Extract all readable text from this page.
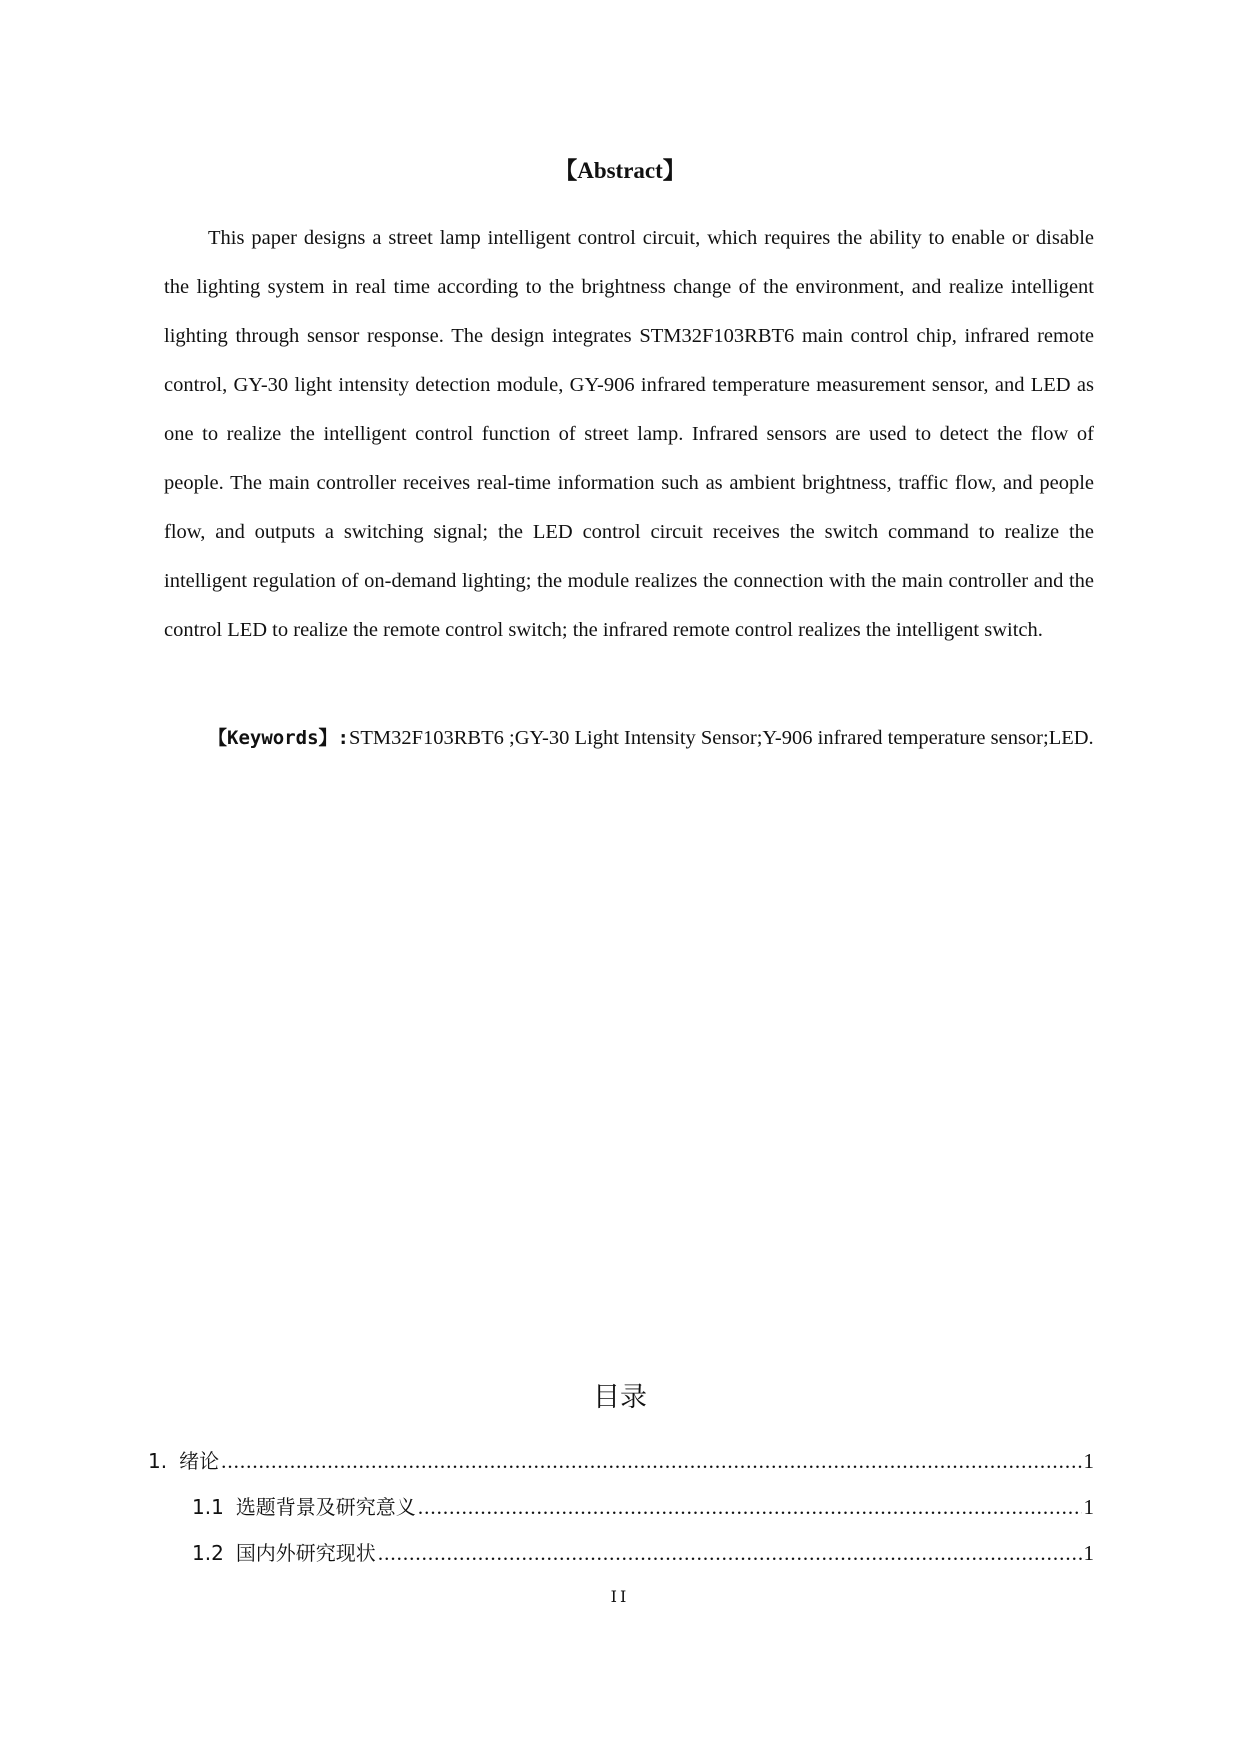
【Abstract】

This paper designs a street lamp intelligent control circuit, which requires the ability to enable or disable the lighting system in real time according to the brightness change of the environment, and realize intelligent lighting through sensor response. The design integrates STM32F103RBT6 main control chip, infrared remote control, GY-30 light intensity detection module, GY-906 infrared temperature measurement sensor, and LED as one to realize the intelligent control function of street lamp. Infrared sensors are used to detect the flow of people. The main controller receives real-time information such as ambient brightness, traffic flow, and people flow, and outputs a switching signal; the LED control circuit receives the switch command to realize the intelligent regulation of on-demand lighting; the module realizes the connection with the main controller and the control LED to realize the remote control switch; the infrared remote control realizes the intelligent switch.

【Keywords】:STM32F103RBT6 ;GY-30 Light Intensity Sensor;Y-906 infrared temperature sensor;LED.

目录
1. 绪论 .....	1
1.1 选题背景及研究意义 .....	1
1.2 国内外研究现状 .....	1
II
